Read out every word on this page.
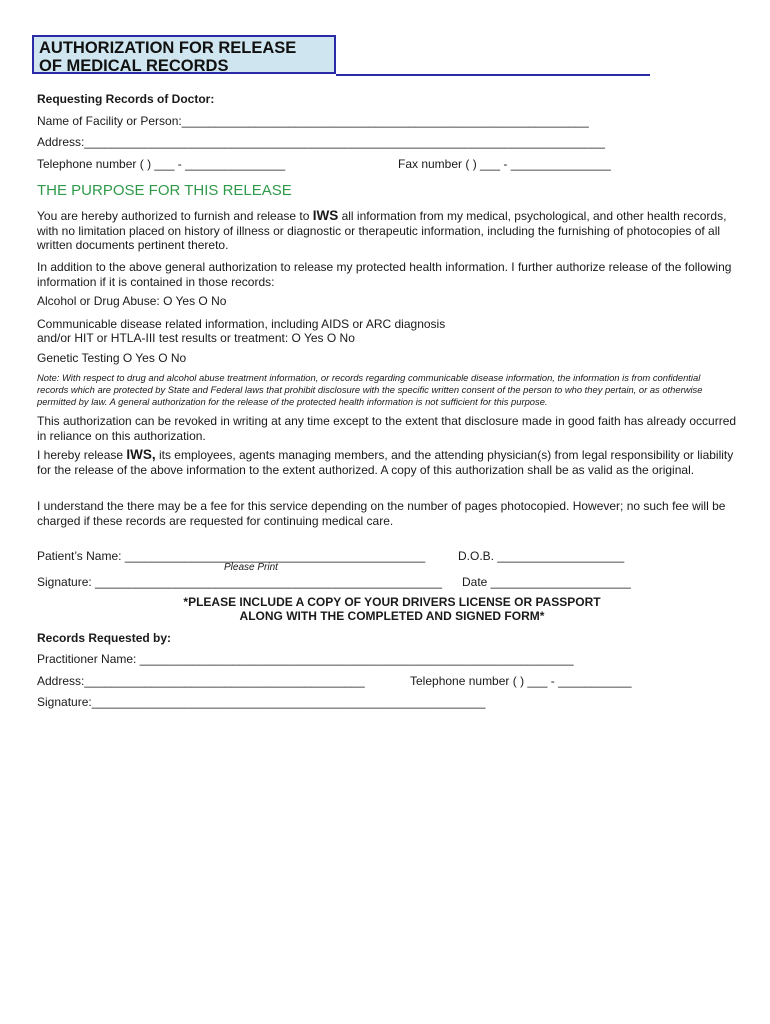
AUTHORIZATION FOR RELEASE
OF MEDICAL RECORDS
Requesting Records of Doctor:
Name of Facility or Person:_____________________________________________________________
Address:______________________________________________________________________________
Telephone number ( ) ___ - _______________	Fax number ( ) ___ - _______________
THE PURPOSE FOR THIS RELEASE
You are hereby authorized to furnish and release to IWS all information from my medical, psychological, and other health records, with no limitation placed on history of illness or diagnostic or therapeutic information, including the furnishing of photocopies of all written documents pertinent thereto.
In addition to the above general authorization to release my protected health information. I further authorize release of the following information if it is contained in those records:
Alcohol or Drug Abuse: O Yes O No
Communicable disease related information, including AIDS or ARC diagnosis
and/or HIT or HTLA-III test results or treatment: O Yes O No
Genetic Testing O Yes O No
Note: With respect to drug and alcohol abuse treatment information, or records regarding communicable disease information, the information is from confidential records which are protected by State and Federal laws that prohibit disclosure with the specific written consent of the person to who they pertain, or as otherwise permitted by law. A general authorization for the release of the protected health information is not sufficient for this purpose.
This authorization can be revoked in writing at any time except to the extent that disclosure made in good faith has already occurred in reliance on this authorization.
I hereby release IWS, its employees, agents managing members, and the attending physician(s) from legal responsibility or liability for the release of the above information to the extent authorized. A copy of this authorization shall be as valid as the original.
I understand the there may be a fee for this service depending on the number of pages photocopied. However; no such fee will be charged if these records are requested for continuing medical care.
Patient’s Name: _____________________________________________	D.O.B. ___________________
Please Print
Signature: ____________________________________________________ Date _____________________
*PLEASE INCLUDE A COPY OF YOUR DRIVERS LICENSE OR PASSPORT
ALONG WITH THE COMPLETED AND SIGNED FORM*
Records Requested by:
Practitioner Name: _________________________________________________________________
Address:__________________________________________	Telephone number ( ) ___ - ___________
Signature:___________________________________________________________
